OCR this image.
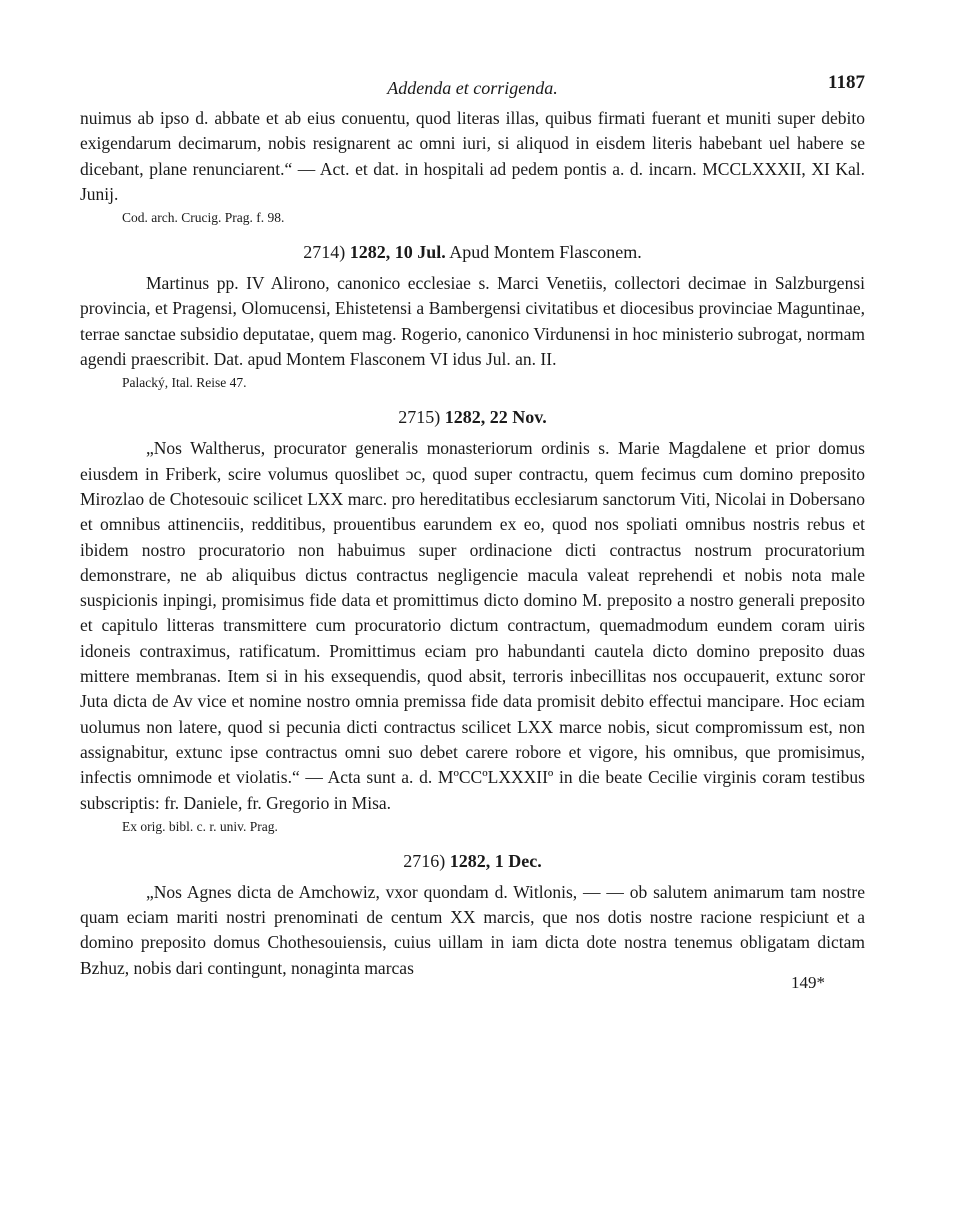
Addenda et corrigenda.	1187

nuimus ab ipso d. abbate et ab eius conuentu, quod literas illas, quibus firmati fuerant et muniti super debito exigendarum decimarum, nobis resignarent ac omni iuri, si aliquod in eisdem literis habebant uel habere se dicebant, plane renunciarent.“ — Act. et dat. in hospitali ad pedem pontis a. d. incarn. MCCLXXXII, XI Kal. Junij.

Cod. arch. Crucig. Prag. f. 98.

2714) 1282, 10 Jul. Apud Montem Flasconem.

Martinus pp. IV Alirono, canonico ecclesiae s. Marci Venetiis, collectori decimae in Salzburgensi provincia, et Pragensi, Olomucensi, Ehistetensi a Bambergensi civitatibus et diocesibus provinciae Maguntinae, terrae sanctae subsidio deputatae, quem mag. Rogerio, canonico Virdunensi in hoc ministerio subrogat, normam agendi praescribit. Dat. apud Montem Flasconem VI idus Jul. an. II.

Palacký, Ital. Reise 47.

2715) 1282, 22 Nov.

„Nos Waltherus, procurator generalis monasteriorum ordinis s. Marie Magdalene et prior domus eiusdem in Friberk, scire volumus quoslibet ɔc, quod super contractu, quem fecimus cum domino preposito Mirozlao de Chotesouic scilicet LXX marc. pro hereditatibus ecclesiarum sanctorum Viti, Nicolai in Dobersano et omnibus attinenciis, redditibus, prouentibus earundem ex eo, quod nos spoliati omnibus nostris rebus et ibidem nostro procuratorio non habuimus super ordinacione dicti contractus nostrum procuratorium demonstrare, ne ab aliquibus dictus contractus negligencie macula valeat reprehendi et nobis nota male suspicionis inpingi, promisimus fide data et promittimus dicto domino M. preposito a nostro generali preposito et capitulo litteras transmittere cum procuratorio dictum contractum, quemadmodum eundem coram uiris idoneis contraximus, ratificatum. Promittimus eciam pro habundanti cautela dicto domino preposito duas mittere membranas. Item si in his exsequendis, quod absit, terroris inbecillitas nos occupauerit, extunc soror Juta dicta de Av vice et nomine nostro omnia premissa fide data promisit debito effectui mancipare. Hoc eciam uolumus non latere, quod si pecunia dicti contractus scilicet LXX marce nobis, sicut compromissum est, non assignabitur, extunc ipse contractus omni suo debet carere robore et vigore, his omnibus, que promisimus, infectis omnimode et violatis.“ — Acta sunt a. d. MºCCºLXXXIIº in die beate Cecilie virginis coram testibus subscriptis: fr. Daniele, fr. Gregorio in Misa.

Ex orig. bibl. c. r. univ. Prag.

2716) 1282, 1 Dec.

„Nos Agnes dicta de Amchowiz, vxor quondam d. Witlonis, — — ob salutem animarum tam nostre quam eciam mariti nostri prenominati de centum XX marcis, que nos dotis nostre racione respiciunt et a domino preposito domus Chothesouiensis, cuius uillam in iam dicta dote nostra tenemus obligatam dictam Bzhuz, nobis dari contingunt, nonaginta marcas

149*
